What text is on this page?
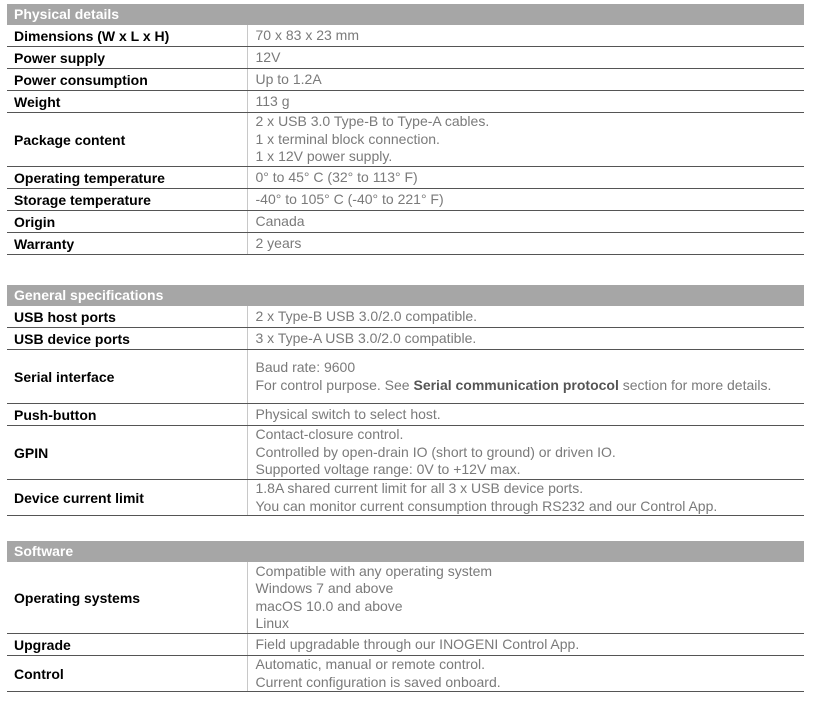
Physical details	
Dimensions (W x L x H)	70 x 83 x 23 mm

Power supply	12V

Power consumption	Up to 1.2A

Weight	113 g

Package content	2 x USB 3.0 Type-B to Type-A cables.
1 x terminal block connection.
1 x 12V power supply.

Operating temperature	0° to 45° C (32° to 113° F)

Storage temperature	-40° to 105° C (-40° to 221° F)

Origin	Canada

Warranty	2 years
General specifications	
USB host ports	2 x Type-B USB 3.0/2.0 compatible.

USB device ports	3 x Type-A USB 3.0/2.0 compatible.

Serial interface	Baud rate: 9600
For control purpose. See Serial communication protocol section for more details.

Push-button	Physical switch to select host.

GPIN	Contact-closure control.
Controlled by open-drain IO (short to ground) or driven IO.
Supported voltage range: 0V to +12V max.

Device current limit	1.8A shared current limit for all 3 x USB device ports.
You can monitor current consumption through RS232 and our Control App.
Software	
Operating systems	Compatible with any operating system
Windows 7 and above
macOS 10.0 and above
Linux

Upgrade	Field upgradable through our INOGENI Control App.

Control	Automatic, manual or remote control.
Current configuration is saved onboard.
